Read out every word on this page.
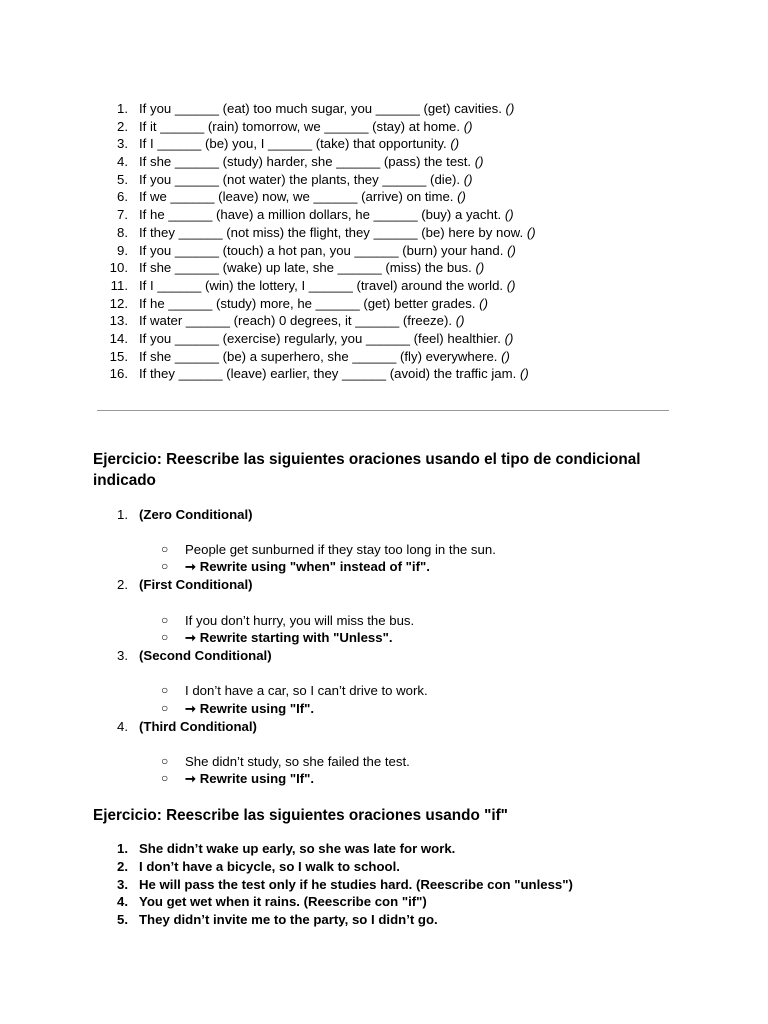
1. If you ______ (eat) too much sugar, you ______ (get) cavities. ()
2. If it ______ (rain) tomorrow, we ______ (stay) at home. ()
3. If I ______ (be) you, I ______ (take) that opportunity. ()
4. If she ______ (study) harder, she ______ (pass) the test. ()
5. If you ______ (not water) the plants, they ______ (die). ()
6. If we ______ (leave) now, we ______ (arrive) on time. ()
7. If he ______ (have) a million dollars, he ______ (buy) a yacht. ()
8. If they ______ (not miss) the flight, they ______ (be) here by now. ()
9. If you ______ (touch) a hot pan, you ______ (burn) your hand. ()
10. If she ______ (wake) up late, she ______ (miss) the bus. ()
11. If I ______ (win) the lottery, I ______ (travel) around the world. ()
12. If he ______ (study) more, he ______ (get) better grades. ()
13. If water ______ (reach) 0 degrees, it ______ (freeze). ()
14. If you ______ (exercise) regularly, you ______ (feel) healthier. ()
15. If she ______ (be) a superhero, she ______ (fly) everywhere. ()
16. If they ______ (leave) earlier, they ______ (avoid) the traffic jam. ()
Ejercicio: Reescribe las siguientes oraciones usando el tipo de condicional indicado
1. (Zero Conditional)
○ People get sunburned if they stay too long in the sun.
○ ➞ Rewrite using "when" instead of "if".
2. (First Conditional)
○ If you don’t hurry, you will miss the bus.
○ ➞ Rewrite starting with "Unless".
3. (Second Conditional)
○ I don’t have a car, so I can’t drive to work.
○ ➞ Rewrite using "If".
4. (Third Conditional)
○ She didn’t study, so she failed the test.
○ ➞ Rewrite using "If".
Ejercicio: Reescribe las siguientes oraciones usando "if"
1. She didn’t wake up early, so she was late for work.
2. I don’t have a bicycle, so I walk to school.
3. He will pass the test only if he studies hard. (Reescribe con "unless")
4. You get wet when it rains. (Reescribe con "if")
5. They didn’t invite me to the party, so I didn’t go.
